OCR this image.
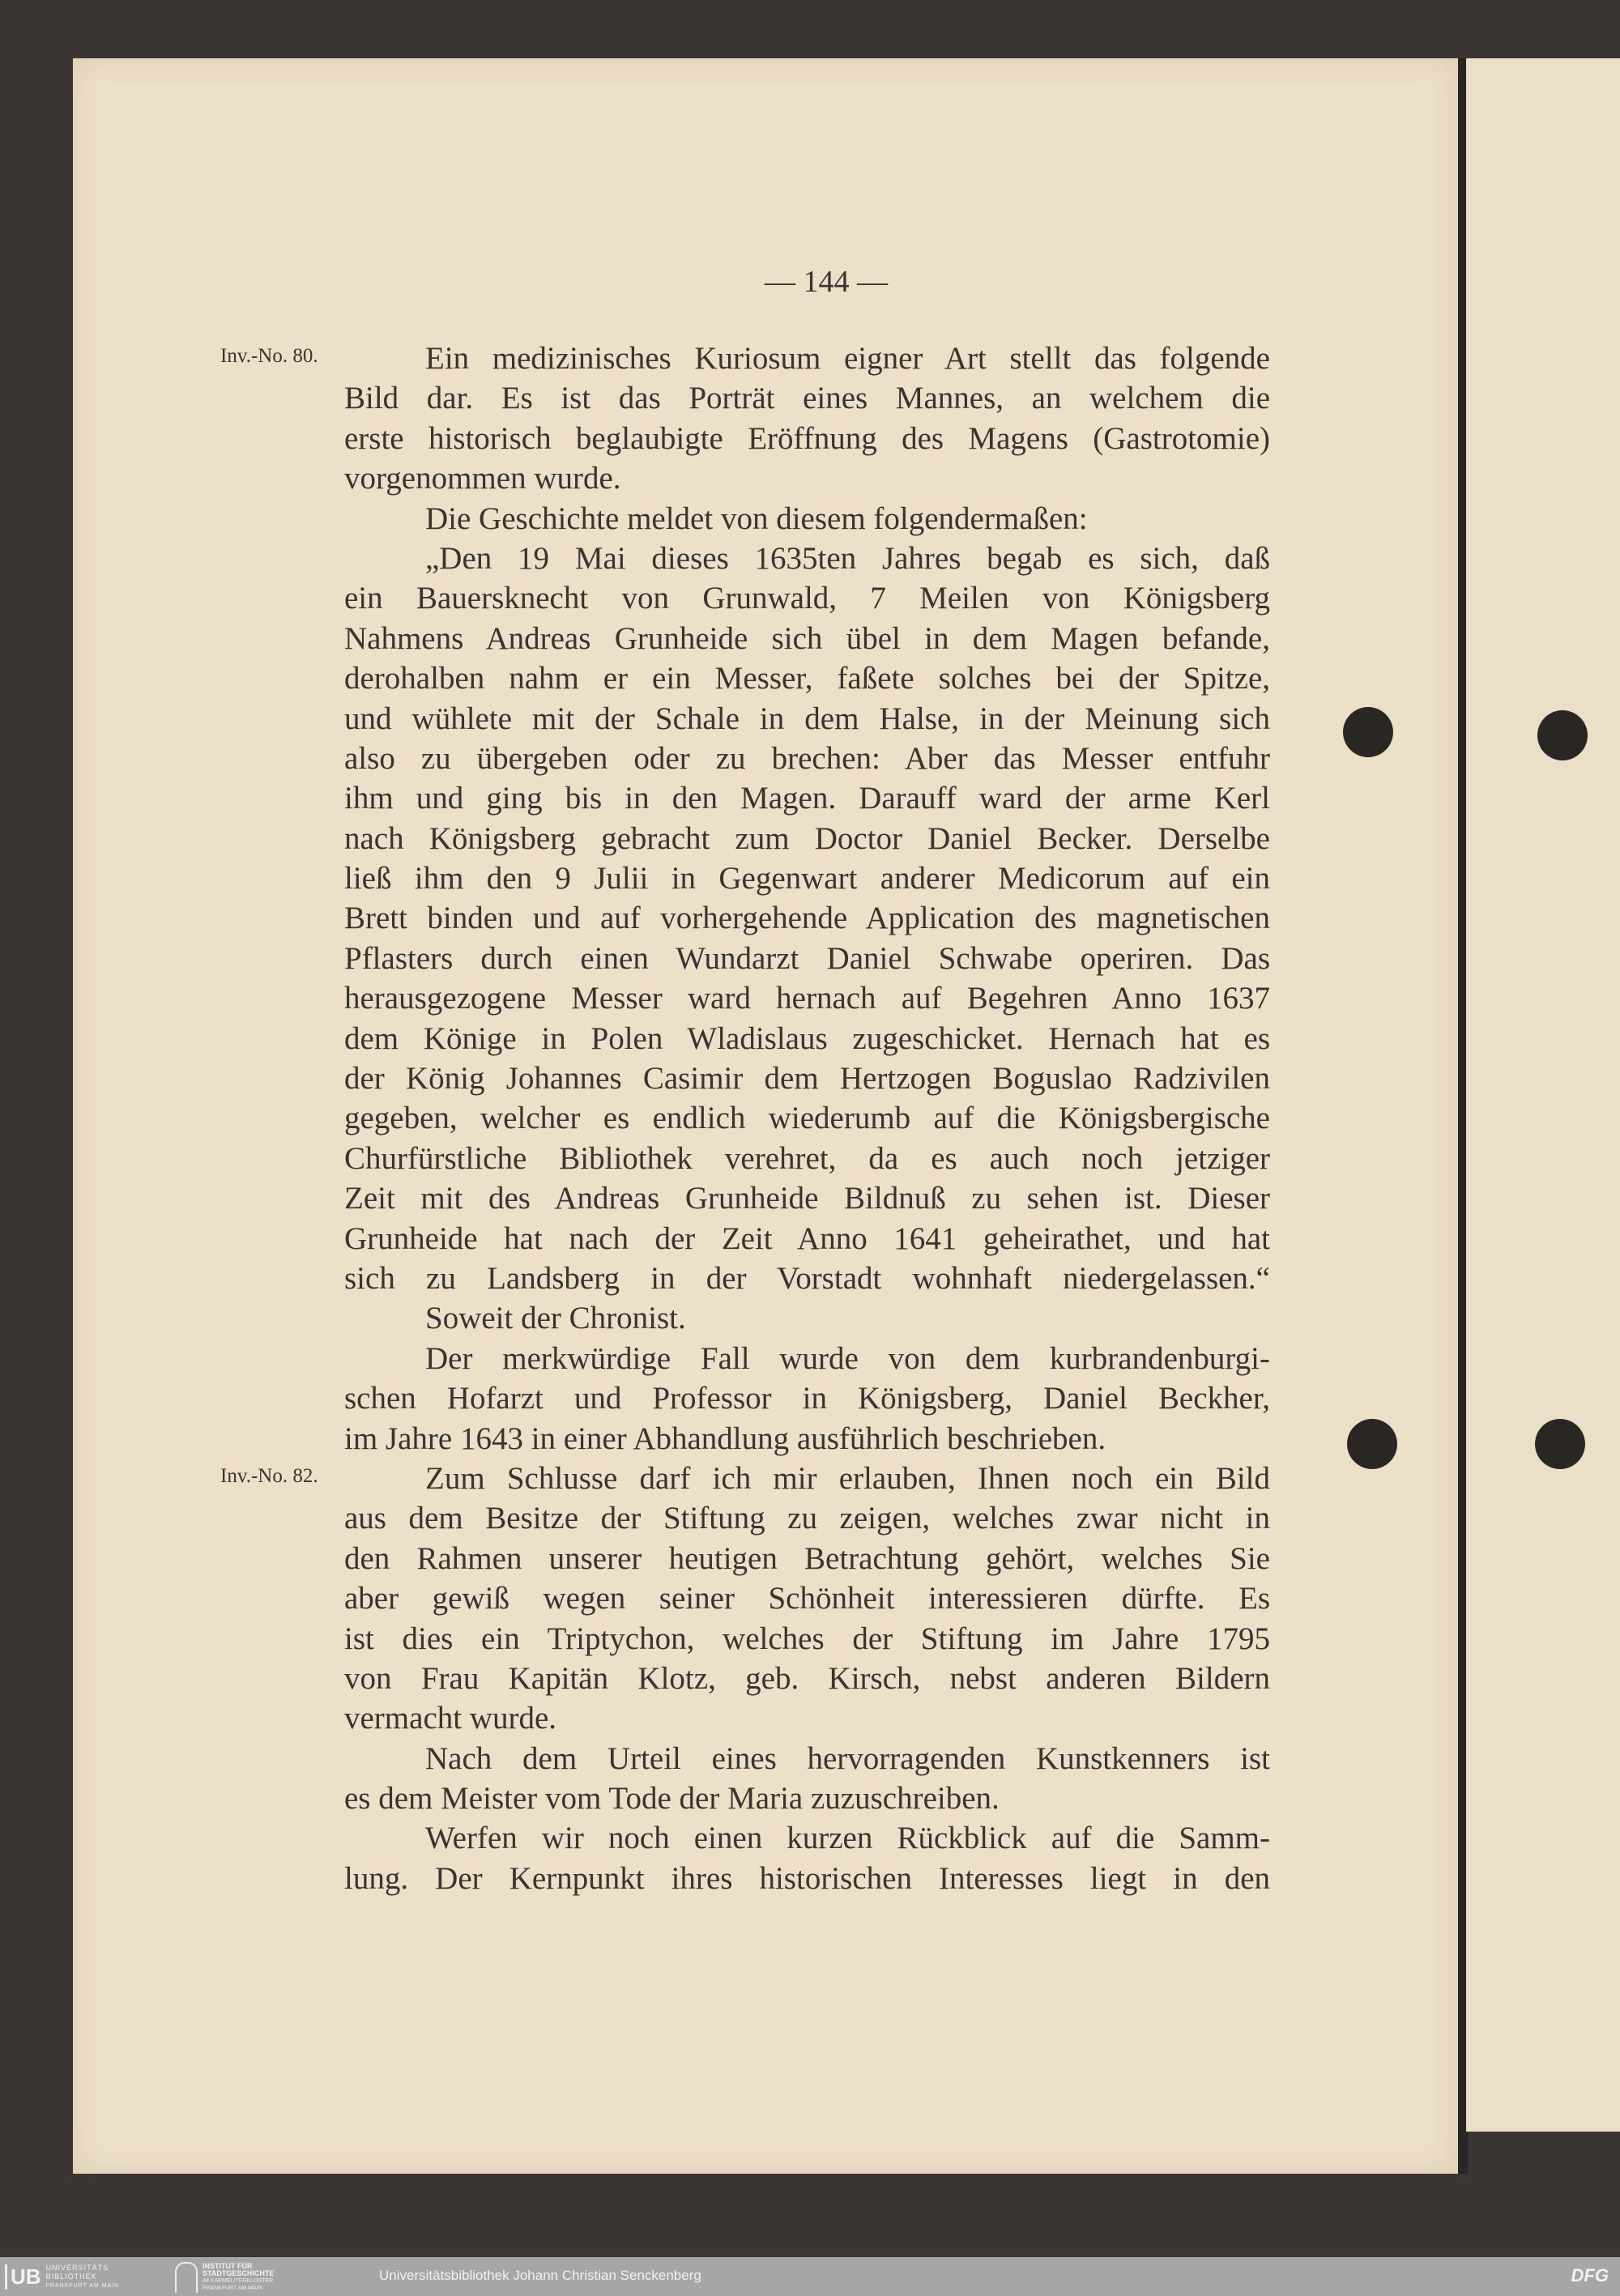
— 144 —
Inv.-No. 80.
Inv.-No. 82.
Ein medizinisches Kuriosum eigner Art stellt das folgende
Bild dar. Es ist das Porträt eines Mannes, an welchem die
erste historisch beglaubigte Eröffnung des Magens (Gastrotomie)
vorgenommen wurde.
Die Geschichte meldet von diesem folgendermaßen:
„Den 19 Mai dieses 1635ten Jahres begab es sich, daß
ein Bauersknecht von Grunwald, 7 Meilen von Königsberg
Nahmens Andreas Grunheide sich übel in dem Magen befande,
derohalben nahm er ein Messer, faßete solches bei der Spitze,
und wühlete mit der Schale in dem Halse, in der Meinung sich
also zu übergeben oder zu brechen: Aber das Messer entfuhr
ihm und ging bis in den Magen. Darauff ward der arme Kerl
nach Königsberg gebracht zum Doctor Daniel Becker. Derselbe
ließ ihm den 9 Julii in Gegenwart anderer Medicorum auf ein
Brett binden und auf vorhergehende Application des magnetischen
Pflasters durch einen Wundarzt Daniel Schwabe operiren. Das
herausgezogene Messer ward hernach auf Begehren Anno 1637
dem Könige in Polen Wladislaus zugeschicket. Hernach hat es
der König Johannes Casimir dem Hertzogen Boguslao Radzivilen
gegeben, welcher es endlich wiederumb auf die Königsbergische
Churfürstliche Bibliothek verehret, da es auch noch jetziger
Zeit mit des Andreas Grunheide Bildnuß zu sehen ist. Dieser
Grunheide hat nach der Zeit Anno 1641 geheirathet, und hat
sich zu Landsberg in der Vorstadt wohnhaft niedergelassen.“
Soweit der Chronist.
Der merkwürdige Fall wurde von dem kurbrandenburgi-
schen Hofarzt und Professor in Königsberg, Daniel Beckher,
im Jahre 1643 in einer Abhandlung ausführlich beschrieben.
Zum Schlusse darf ich mir erlauben, Ihnen noch ein Bild
aus dem Besitze der Stiftung zu zeigen, welches zwar nicht in
den Rahmen unserer heutigen Betrachtung gehört, welches Sie
aber gewiß wegen seiner Schönheit interessieren dürfte. Es
ist dies ein Triptychon, welches der Stiftung im Jahre 1795
von Frau Kapitän Klotz, geb. Kirsch, nebst anderen Bildern
vermacht wurde.
Nach dem Urteil eines hervorragenden Kunstkenners ist
es dem Meister vom Tode der Maria zuzuschreiben.
Werfen wir noch einen kurzen Rückblick auf die Samm-
lung. Der Kernpunkt ihres historischen Interesses liegt in den
UB UNIVERSITÄTS
BIBLIOTHEK
FRANKFURT AM MAIN
INSTITUT FÜR
STADTGESCHICHTE
IM KARMELITERKLOSTER
FRANKFURT AM MAIN
Universitätsbibliothek Johann Christian Senckenberg	DFG
